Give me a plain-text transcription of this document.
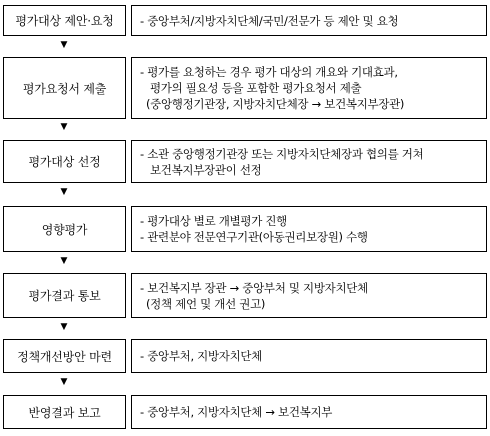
평가대상 제안·요청 - 중앙부처/지방자치단체/국민/전문가 등 제안 및 요청
▼
평가요청서 제출
- 평가를 요청하는 경우 평가 대상의 개요와 기대효과,
평가의 필요성 등을 포함한 평가요청서 제출
(중앙행정기관장, 지방자치단체장 → 보건복지부장관)
▼
평가대상 선정
- 소관 중앙행정기관장 또는 지방자치단체장과 협의를 거쳐
보건복지부장관이 선정
▼
영향평가
- 평가대상 별로 개별평가 진행
- 관련분야 전문연구기관(아동권리보장원) 수행
▼
평가결과 통보
- 보건복지부 장관 → 중앙부처 및 지방자치단체
(정책 제언 및 개선 권고)
▼
정책개선방안 마련 - 중앙부처, 지방자치단체
▼
반영결과 보고	- 중앙부처, 지방자치단체 → 보건복지부
